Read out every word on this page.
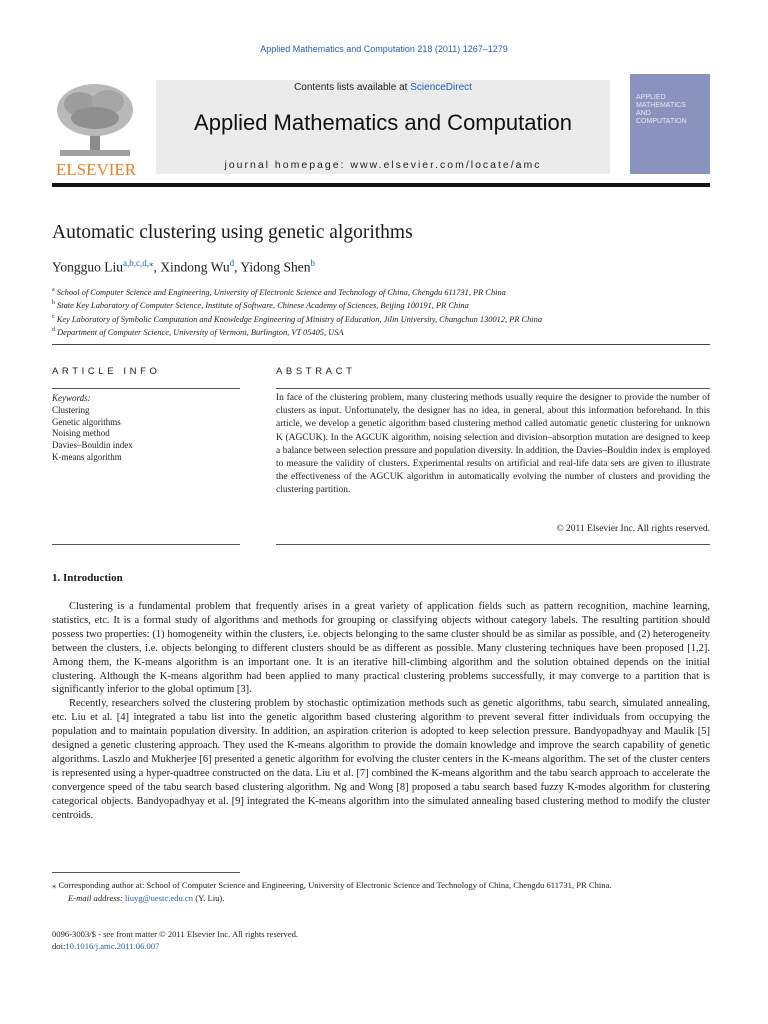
Applied Mathematics and Computation 218 (2011) 1267–1279
ELSEVIER
Contents lists available at ScienceDirect
Applied Mathematics and Computation
journal homepage: www.elsevier.com/locate/amc
APPLIED
MATHEMATICS
AND
COMPUTATION
Automatic clustering using genetic algorithms
Yongguo Liu$^{a,b,c,d,⁎}$, Xindong Wu$^d$, Yidong Shen$^b$
$^a$ School of Computer Science and Engineering, University of Electronic Science and Technology of China, Chengdu 611731, PR China
$^b$ State Key Laboratory of Computer Science, Institute of Software, Chinese Academy of Sciences, Beijing 100191, PR China
$^c$ Key Laboratory of Symbolic Computation and Knowledge Engineering of Ministry of Education, Jilin University, Changchun 130012, PR China
$^d$ Department of Computer Science, University of Vermont, Burlington, VT 05405, USA
ARTICLE INFO	ABSTRACT
Keywords:
Clustering
Genetic algorithms
Noising method
Davies–Bouldin index
K-means algorithm
In face of the clustering problem, many clustering methods usually require the designer to provide the number of clusters as input. Unfortunately, the designer has no idea, in general, about this information beforehand. In this article, we develop a genetic algorithm based clustering method called automatic genetic clustering for unknown K (AGCUK). In the AGCUK algorithm, noising selection and division–absorption mutation are designed to keep a balance between selection pressure and population diversity. In addition, the Davies–Bouldin index is employed to measure the validity of clusters. Experimental results on artificial and real-life data sets are given to illustrate the effectiveness of the AGCUK algorithm in automatically evolving the number of clusters and providing the clustering partition.
© 2011 Elsevier Inc. All rights reserved.
1. Introduction

Clustering is a fundamental problem that frequently arises in a great variety of application fields such as pattern recognition, machine learning, statistics, etc. It is a formal study of algorithms and methods for grouping or classifying objects without category labels. The resulting partition should possess two properties: (1) homogeneity within the clusters, i.e. objects belonging to the same cluster should be as similar as possible, and (2) heterogeneity between the clusters, i.e. objects belonging to different clusters should be as different as possible. Many clustering techniques have been proposed [1,2]. Among them, the K-means algorithm is an important one. It is an iterative hill-climbing algorithm and the solution obtained depends on the initial clustering. Although the K-means algorithm had been applied to many practical clustering problems successfully, it may converge to a partition that is significantly inferior to the global optimum [3].

Recently, researchers solved the clustering problem by stochastic optimization methods such as genetic algorithms, tabu search, simulated annealing, etc. Liu et al. [4] integrated a tabu list into the genetic algorithm based clustering algorithm to prevent several fitter individuals from occupying the population and to maintain population diversity. In addition, an aspiration criterion is adopted to keep selection pressure. Bandyopadhyay and Maulik [5] designed a genetic clustering approach. They used the K-means algorithm to provide the domain knowledge and improve the search capability of genetic algorithms. Laszlo and Mukherjee [6] presented a genetic algorithm for evolving the cluster centers in the K-means algorithm. The set of the cluster centers is represented using a hyper-quadtree constructed on the data. Liu et al. [7] combined the K-means algorithm and the tabu search approach to accelerate the convergence speed of the tabu search based clustering algorithm. Ng and Wong [8] proposed a tabu search based fuzzy K-modes algorithm for clustering categorical objects. Bandyopadhyay et al. [9] integrated the K-means algorithm into the simulated annealing based clustering method to modify the cluster centroids.

⁎ Corresponding author at: School of Computer Science and Engineering, University of Electronic Science and Technology of China, Chengdu 611731, PR China.
E-mail address: liuyg@uestc.edu.cn (Y. Liu).
0096-3003/$ - see front matter © 2011 Elsevier Inc. All rights reserved.
doi:10.1016/j.amc.2011.06.007
